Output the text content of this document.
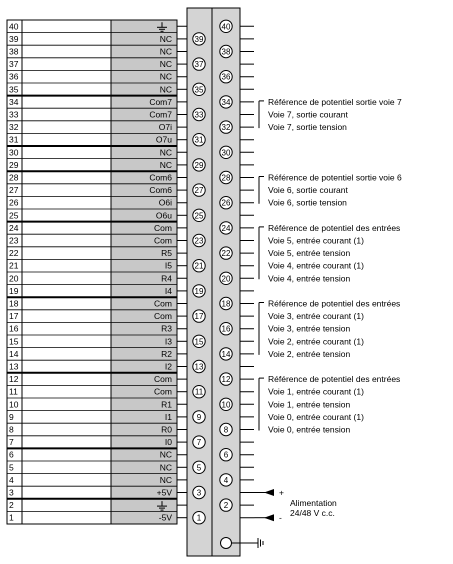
40
39	NC
38	NC
37	NC
36	NC
35	NC
34	Com7
33	Com7
32	O7i
31	O7u
30	NC
29	NC
28	Com6
27	Com6
26	O6i
25	O6u
24	Com
23	Com
22	R5
21	I5
20	R4
19	I4
18	Com
17	Com
16	R3
15	I3
14	R2
13	I2
12	Com
11	Com
10	R1
9	I1
8	R0
7	I0
6	NC
5	NC
4	NC
3	+5V
2
1	-5V
40
39
38
37
36
35
34
33
32
31
30
29
28
27
26
25
24
23
22
21
20
19
18
17
16
15
14
13
12
11
10
9
8
7
6
5
4
3
2
1
Référence de potentiel sortie voie 7
Voie 7, sortie courant
Voie 7, sortie tension
Référence de potentiel sortie voie 6
Voie 6, sortie courant
Voie 6, sortie tension
Référence de potentiel des entrées
Voie 5, entrée courant (1)
Voie 5, entrée tension
Voie 4, entrée courant (1)
Voie 4, entrée tension
Référence de potentiel des entrées
Voie 3, entrée courant (1)
Voie 3, entrée tension
Voie 2, entrée courant (1)
Voie 2, entrée tension
Référence de potentiel des entrées
Voie 1, entrée courant (1)
Voie 1, entrée tension
Voie 0, entrée courant (1)
Voie 0, entrée tension
+
-
Alimentation
24/48 V c.c.
